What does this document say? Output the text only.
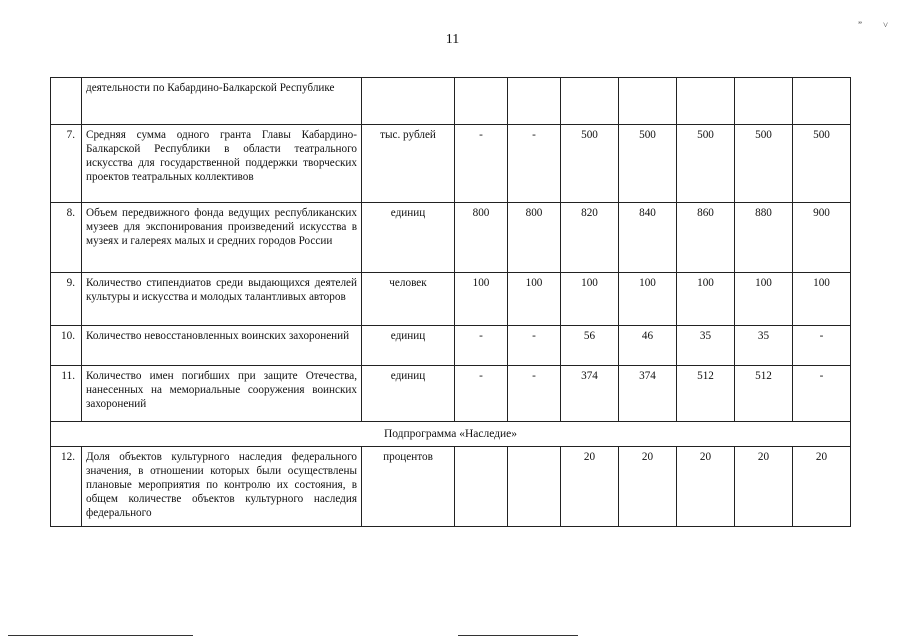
11
” ˅
	деятельности по Кабардино-Балкарской Республике								
7.	Средняя сумма одного гранта Главы Кабардино-Балкарской Республики в области театрального искусства для государственной поддержки творческих проектов театральных коллективов	тыс. рублей	-	-	500	500	500	500	500
8.	Объем передвижного фонда ведущих республиканских музеев для экспонирования произведений искусства в музеях и галереях малых и средних городов России	единиц	800	800	820	840	860	880	900
9.	Количество стипендиатов среди выдающихся деятелей культуры и искусства и молодых талантливых авторов	человек	100	100	100	100	100	100	100
10.	Количество невосстановленных воинских захоронений	единиц	-	-	56	46	35	35	-
11.	Количество имен погибших при защите Отечества, нанесенных на мемориальные сооружения воинских захоронений	единиц	-	-	374	374	512	512	-
Подпрограмма «Наследие»									
12.	Доля объектов культурного наследия федерального значения, в отношении которых были осуществлены плановые мероприятия по контролю их состояния, в общем количестве объектов культурного наследия федерального	процентов			20	20	20	20	20
